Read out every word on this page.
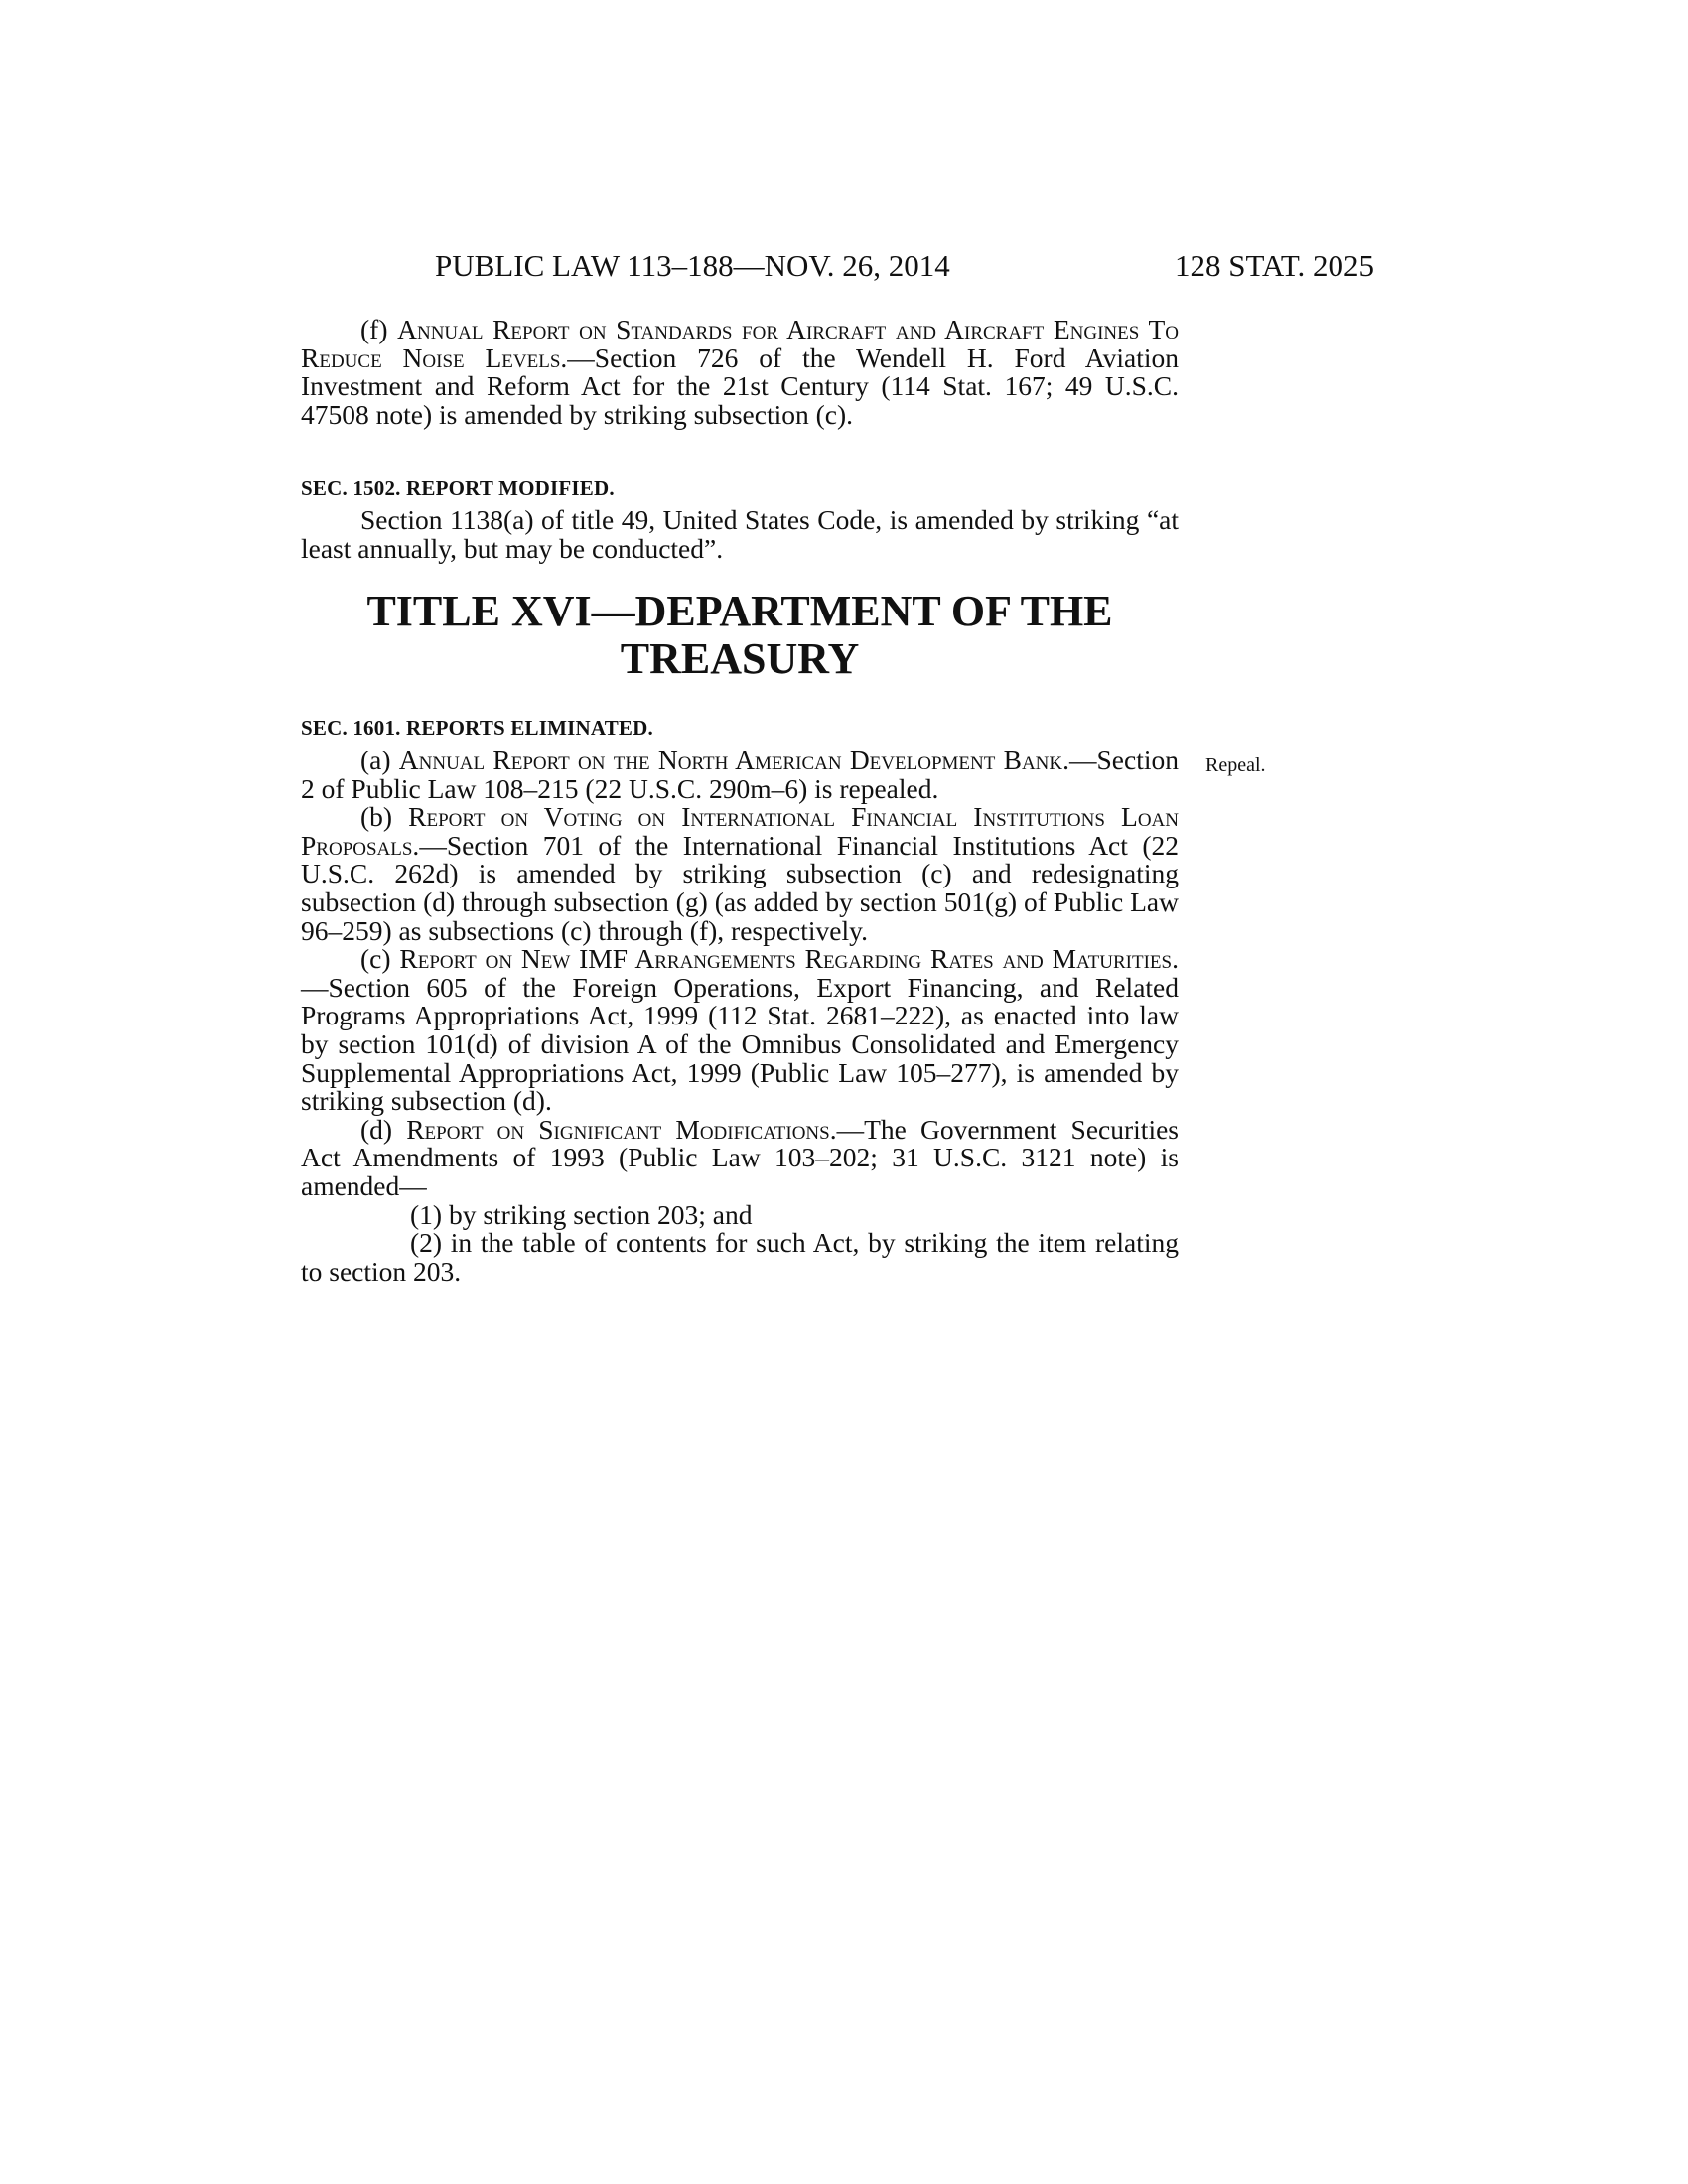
PUBLIC LAW 113–188—NOV. 26, 2014	128 STAT. 2025

(f) Annual Report on Standards for Aircraft and Aircraft Engines To Reduce Noise Levels.—Section 726 of the Wendell H. Ford Aviation Investment and Reform Act for the 21st Century (114 Stat. 167; 49 U.S.C. 47508 note) is amended by striking subsection (c).

SEC. 1502. REPORT MODIFIED.

Section 1138(a) of title 49, United States Code, is amended by striking “at least annually, but may be conducted”.

TITLE XVI—DEPARTMENT OF THE
TREASURY

SEC. 1601. REPORTS ELIMINATED.

Repeal.

(a) Annual Report on the North American Development Bank.—Section 2 of Public Law 108–215 (22 U.S.C. 290m–6) is repealed.

(b) Report on Voting on International Financial Institutions Loan Proposals.—Section 701 of the International Financial Institutions Act (22 U.S.C. 262d) is amended by striking subsection (c) and redesignating subsection (d) through subsection (g) (as added by section 501(g) of Public Law 96–259) as subsections (c) through (f), respectively.

(c) Report on New IMF Arrangements Regarding Rates and Maturities.—Section 605 of the Foreign Operations, Export Financing, and Related Programs Appropriations Act, 1999 (112 Stat. 2681–222), as enacted into law by section 101(d) of division A of the Omnibus Consolidated and Emergency Supplemental Appropriations Act, 1999 (Public Law 105–277), is amended by striking subsection (d).

(d) Report on Significant Modifications.—The Government Securities Act Amendments of 1993 (Public Law 103–202; 31 U.S.C. 3121 note) is amended—

(1) by striking section 203; and

(2) in the table of contents for such Act, by striking the item relating to section 203.
